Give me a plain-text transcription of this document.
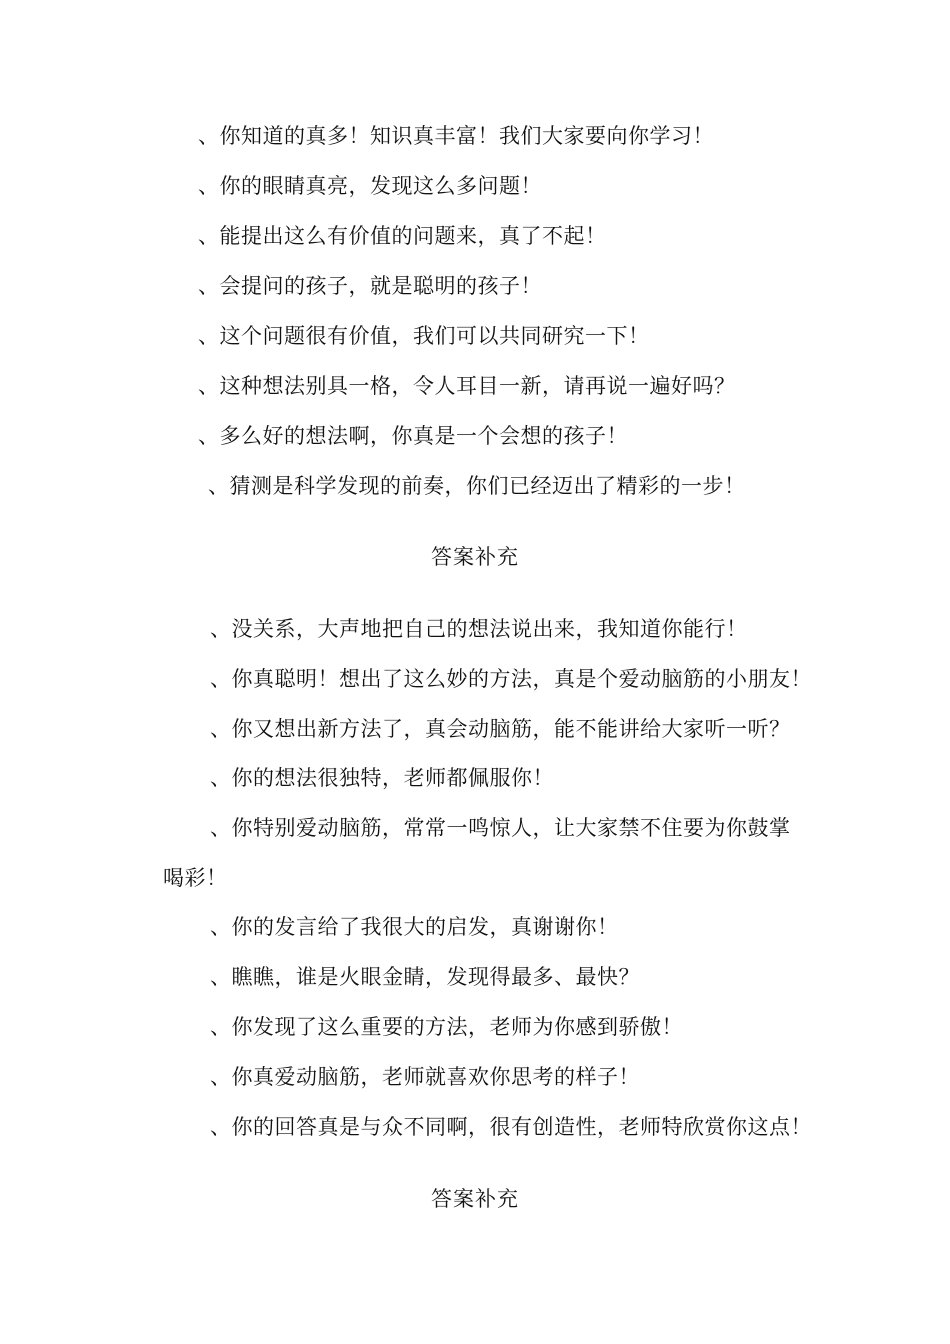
、你知道的真多！知识真丰富！我们大家要向你学习！
、你的眼睛真亮，发现这么多问题！
、能提出这么有价值的问题来，真了不起！
、会提问的孩子，就是聪明的孩子！
、这个问题很有价值，我们可以共同研究一下！
、这种想法别具一格，令人耳目一新，请再说一遍好吗？
、多么好的想法啊，你真是一个会想的孩子！
、猜测是科学发现的前奏，你们已经迈出了精彩的一步！
答案补充
、没关系，大声地把自己的想法说出来，我知道你能行！
、你真聪明！想出了这么妙的方法，真是个爱动脑筋的小朋友！
、你又想出新方法了，真会动脑筋，能不能讲给大家听一听？
、你的想法很独特，老师都佩服你！
、你特别爱动脑筋，常常一鸣惊人，让大家禁不住要为你鼓掌
喝彩！
、你的发言给了我很大的启发，真谢谢你！
、瞧瞧，谁是火眼金睛，发现得最多、最快？
、你发现了这么重要的方法，老师为你感到骄傲！
、你真爱动脑筋，老师就喜欢你思考的样子！
、你的回答真是与众不同啊，很有创造性，老师特欣赏你这点！
答案补充
